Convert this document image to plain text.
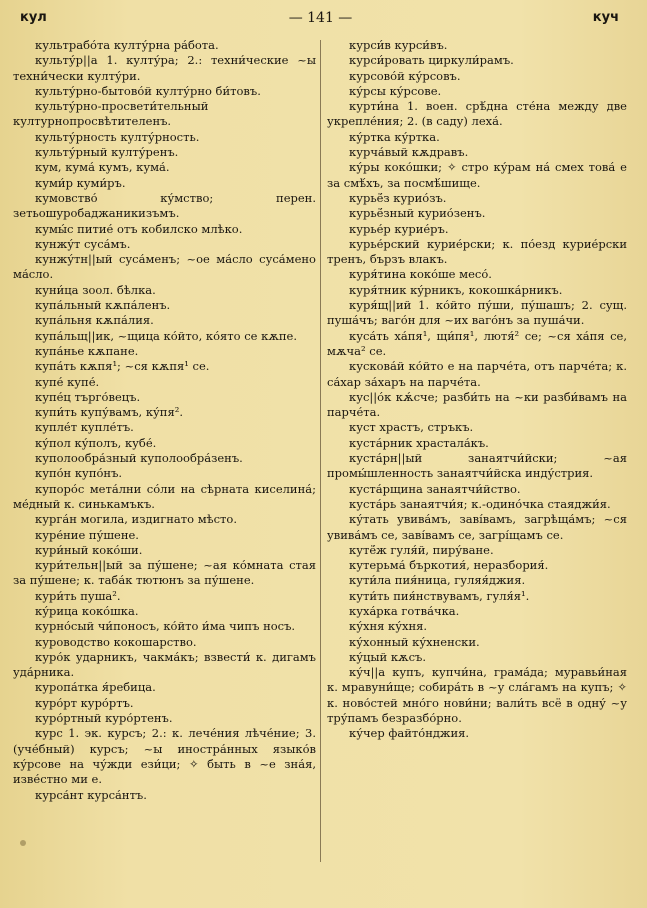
кул	— 141 —	куч
культрабо́та култу́рна ра́бота.
культу́р||а 1. култу́ра; 2.: техни́ческие ~ы техни́чески култу́ри.
культу́рно-бытово́й култу́рно би́товъ.
культу́рно-просвети́тельный културнопросвѣтителенъ.
культу́рность култу́рность.
культу́рный култу́ренъ.
кум, кума́ кумъ, кума́.
куми́р куми́ръ.
кумовство́ ку́мство; перен. зетьошуробаджаникизъмъ.
кумы́с питие́ отъ кобилско млѣко.
кунжу́т суса́мъ.
кунжу́тн||ый суса́менъ; ~ое ма́сло суса́мено ма́сло.
куни́ца зоол. бѣлка.
купа́льный кѫпа́ленъ.
купа́льня кѫпа́лия.
купа́льщ||ик, ~щица ко́йто, ко́ято се кѫпе.
купа́нье кѫпане.
купа́ть кѫпя¹; ~ся кѫпя¹ се.
купе́ купе́.
купе́ц търго́вецъ.
купи́ть купу́вамъ, ку́пя².
купле́т купле́тъ.
ку́пол ку́полъ, кубе́.
куполообра́зный куполообра́зенъ.
купо́н купо́нъ.
купоро́с мета́лни со́ли на сѣрната киселина́; ме́дный к. синькамъкъ.
курга́н могила, издигнато мѣсто.
куре́ние пу́шене.
кури́ный коко́ши.
кури́тельн||ый за пу́шене; ~ая ко́мната стая за пу́шене; к. таба́к тютюнъ за пу́шене.
кури́ть пуша².
ку́рица коко́шка.
курно́сый чи́поносъ, ко́йто и́ма чипъ носъ.
куроводство кокошарство.
куро́к ударникъ, чакма́къ; взвести́ к. дигамъ уда́рника.
куропа́тка я́ребица.
куро́рт куро́ртъ.
куро́ртный куро́ртенъ.
курс 1. эк. курсъ; 2.: к. лече́ния лѣче́ние; 3. (уче́бный) курсъ; ~ы иностра́нных языко́в ку́рсове на чу́жди ези́ци; ✧ быть в ~е зна́я, изве́стно ми е.
курса́нт курса́нтъ.
курси́в курси́въ.
курси́ровать циркули́рамъ.
курсово́й ку́рсовъ.
ку́рсы ку́рсове.
курти́на 1. воен. срѣ́дна сте́на между две укрепле́ния; 2. (в саду) леха́.
ку́ртка ку́ртка.
курча́вый кѫдравъ.
ку́ры коко́шки; ✧ стро ку́рам на́ смех това́ е за смѣ́хъ, за посмѣ́шище.
курьё́з курио́зъ.
курьё́зный курио́зенъ.
курье́р курие́ръ.
курье́рский курие́рски; к. по́езд курие́рски тренъ, бързъ влакъ.
куря́тина коко́ше месо́.
куря́тник ку́рникъ, кокошка́рникъ.
куря́щ||ий 1. ко́йто пу́ши, пу́шашъ; 2. сущ. пуша́чъ; ваго́н для ~их ваго́нъ за пуша́чи.
куса́ть ха́пя¹, щи́пя¹, лютя́² се; ~ся ха́пя се, мѫча² се.
кускова́й ко́йто е на парче́та, отъ парче́та; к. са́хар за́харъ на парче́та.
кус||о́к кѫ́сче; разби́ть на ~ки разби́вамъ на парче́та.
куст храстъ, стръкъ.
куста́рник храстала́къ.
куста́рн||ый занаятчи́йски; ~ая промы́шленность занаятчи́йска инду́стрия.
куста́рщина занаятчи́йство.
куста́рь занаятчи́я; к.-одино́чка стаяджи́я.
ку́тать увива́мъ, заві́вамъ, загрѣща́мъ; ~ся увива́мъ се, заві́вамъ се, загрі́щамъ се.
кутё́ж гуля́й, пиру́ване.
кутерьма́ бъркотия́, неразбория́.
кути́ла пия́ница, гуляя́джия.
кути́ть пия́нствувамъ, гуля́я¹.
куха́рка готва́чка.
ку́хня ку́хня.
ку́хонный ку́хненски.
ку́цый кѫсъ.
ку́ч||а купъ, купчи́на, грама́да; муравьи́ная к. мравуни́ще; собира́ть в ~у сла́гамъ на купъ; ✧ к. ново́стей мно́го нови́ни; вали́ть всё в одну́ ~у тру́памъ безразбо́рно.
ку́чер файто́нджия.
